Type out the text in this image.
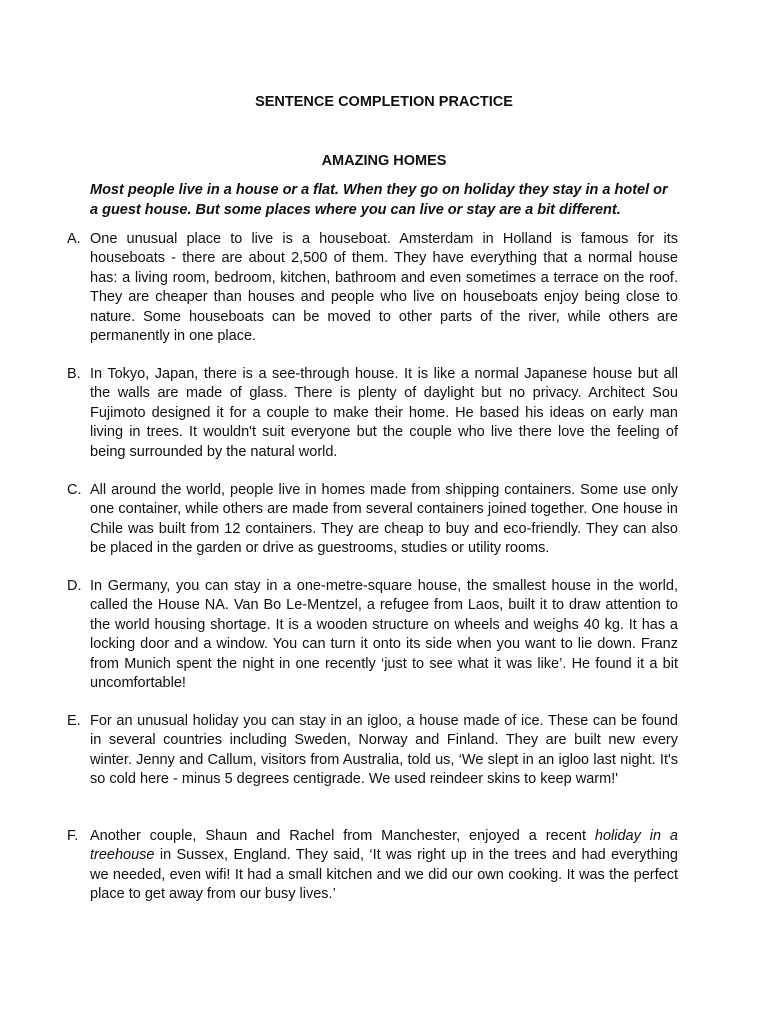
SENTENCE COMPLETION PRACTICE
AMAZING HOMES
Most people live in a house or a flat. When they go on holiday they stay in a hotel or a guest house. But some places where you can live or stay are a bit different.
A. One unusual place to live is a houseboat. Amsterdam in Holland is famous for its houseboats - there are about 2,500 of them. They have everything that a normal house has: a living room, bedroom, kitchen, bathroom and even sometimes a terrace on the roof. They are cheaper than houses and people who live on houseboats enjoy being close to nature. Some houseboats can be moved to other parts of the river, while others are permanently in one place.
B. In Tokyo, Japan, there is a see-through house. It is like a normal Japanese house but all the walls are made of glass. There is plenty of daylight but no privacy. Architect Sou Fujimoto designed it for a couple to make their home. He based his ideas on early man living in trees. It wouldn't suit everyone but the couple who live there love the feeling of being surrounded by the natural world.
C. All around the world, people live in homes made from shipping containers. Some use only one container, while others are made from several containers joined together. One house in Chile was built from 12 containers. They are cheap to buy and eco-friendly. They can also be placed in the garden or drive as guestrooms, studies or utility rooms.
D. In Germany, you can stay in a one-metre-square house, the smallest house in the world, called the House NA. Van Bo Le-Mentzel, a refugee from Laos, built it to draw attention to the world housing shortage. It is a wooden structure on wheels and weighs 40 kg. It has a locking door and a window. You can turn it onto its side when you want to lie down. Franz from Munich spent the night in one recently ‘just to see what it was like’. He found it a bit uncomfortable!
E. For an unusual holiday you can stay in an igloo, a house made of ice. These can be found in several countries including Sweden, Norway and Finland. They are built new every winter. Jenny and Callum, visitors from Australia, told us, ‘We slept in an igloo last night. It's so cold here - minus 5 degrees centigrade. We used reindeer skins to keep warm!'
F. Another couple, Shaun and Rachel from Manchester, enjoyed a recent holiday in a treehouse in Sussex, England. They said, ‘It was right up in the trees and had everything we needed, even wifi! It had a small kitchen and we did our own cooking. It was the perfect place to get away from our busy lives.’
